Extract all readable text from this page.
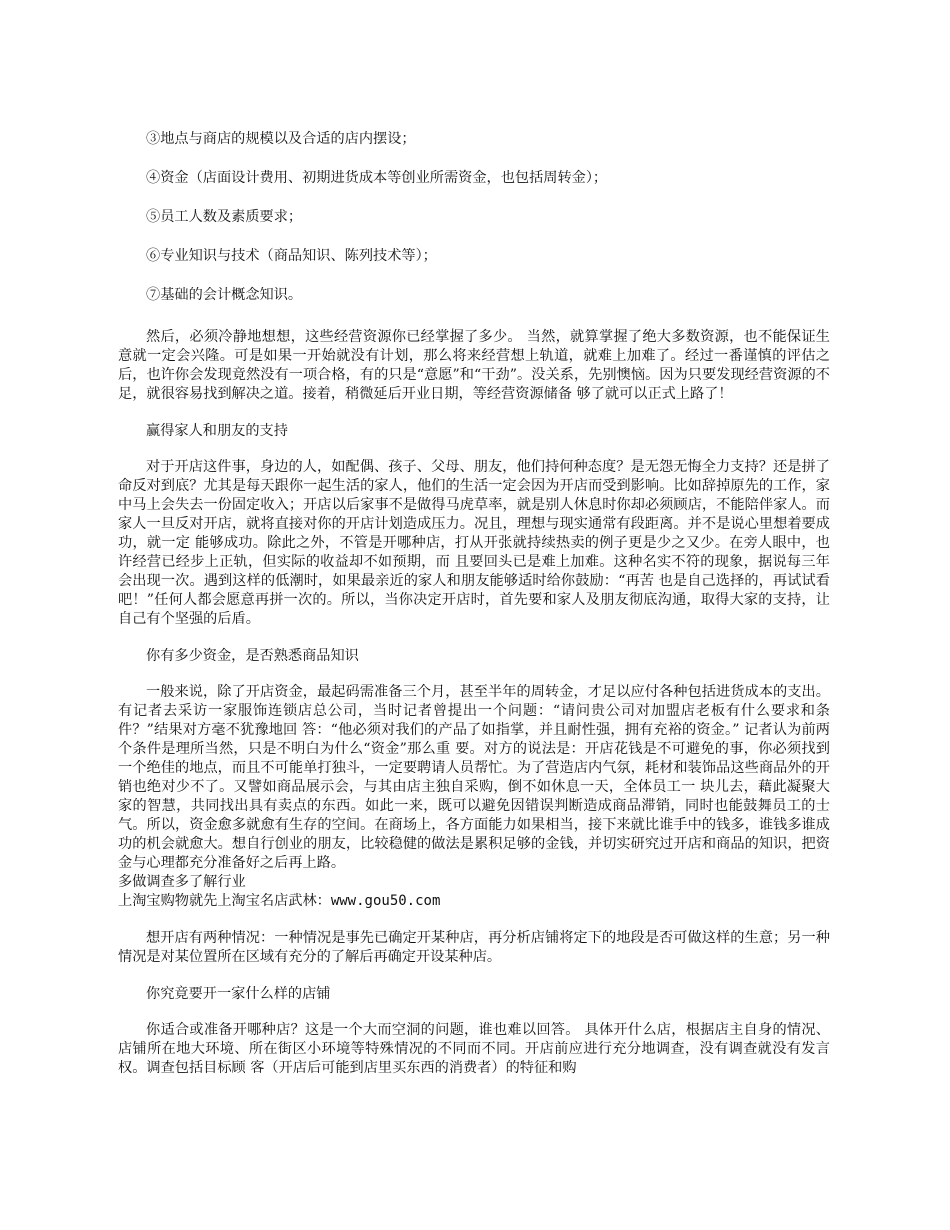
③地点与商店的规模以及合适的店内摆设；

④资金（店面设计费用、初期进货成本等创业所需资金，也包括周转金）；

⑤员工人数及素质要求；

⑥专业知识与技术（商品知识、陈列技术等）；

⑦基础的会计概念知识。

然后，必须冷静地想想，这些经营资源你已经掌握了多少。 当然，就算掌握了绝大多数资源，也不能保证生意就一定会兴隆。可是如果一开始就没有计划，那么将来经营想上轨道，就难上加难了。经过一番谨慎的评估之后，也许你会发现竟然没有一项合格，有的只是“意愿”和“干劲”。没关系，先别懊恼。因为只要发现经营资源的不足，就很容易找到解决之道。接着，稍微延后开业日期，等经营资源储备 够了就可以正式上路了！

赢得家人和朋友的支持

对于开店这件事，身边的人，如配偶、孩子、父母、朋友，他们持何种态度？是无怨无悔全力支持？还是拼了命反对到底？尤其是每天跟你一起生活的家人，他们的生活一定会因为开店而受到影响。比如辞掉原先的工作，家中马上会失去一份固定收入；开店以后家事不是做得马虎草率，就是别人休息时你却必须顾店，不能陪伴家人。而家人一旦反对开店，就将直接对你的开店计划造成压力。况且，理想与现实通常有段距离。并不是说心里想着要成功，就一定 能够成功。除此之外，不管是开哪种店，打从开张就持续热卖的例子更是少之又少。在旁人眼中，也许经营已经步上正轨，但实际的收益却不如预期，而 且要回头已是难上加难。这种名实不符的现象，据说每三年会出现一次。遇到这样的低潮时，如果最亲近的家人和朋友能够适时给你鼓励：“再苦 也是自己选择的，再试试看吧！”任何人都会愿意再拼一次的。所以，当你决定开店时，首先要和家人及朋友彻底沟通，取得大家的支持，让自己有个坚强的后盾。

你有多少资金，是否熟悉商品知识

一般来说，除了开店资金，最起码需准备三个月，甚至半年的周转金，才足以应付各种包括进货成本的支出。 有记者去采访一家服饰连锁店总公司，当时记者曾提出一个问题：“请问贵公司对加盟店老板有什么要求和条件？”结果对方毫不犹豫地回 答：“他必须对我们的产品了如指掌，并且耐性强，拥有充裕的资金。” 记者认为前两个条件是理所当然，只是不明白为什么“资金”那么重 要。对方的说法是：开店花钱是不可避免的事，你必须找到一个绝佳的地点，而且不可能单打独斗，一定要聘请人员帮忙。为了营造店内气氛，耗材和装饰品这些商品外的开销也绝对少不了。又譬如商品展示会，与其由店主独自采购，倒不如休息一天，全体员工一 块儿去，藉此凝聚大家的智慧，共同找出具有卖点的东西。如此一来，既可以避免因错误判断造成商品滞销，同时也能鼓舞员工的士气。所以，资金愈多就愈有生存的空间。在商场上，各方面能力如果相当，接下来就比谁手中的钱多，谁钱多谁成功的机会就愈大。想自行创业的朋友，比较稳健的做法是累积足够的金钱，并切实研究过开店和商品的知识，把资金与心理都充分准备好之后再上路。

多做调查多了解行业

上淘宝购物就先上淘宝名店武林：www.gou50.com

想开店有两种情况：一种情况是事先已确定开某种店，再分析店铺将定下的地段是否可做这样的生意；另一种情况是对某位置所在区域有充分的了解后再确定开设某种店。

你究竟要开一家什么样的店铺

你适合或准备开哪种店？这是一个大而空洞的问题，谁也难以回答。 具体开什么店，根据店主自身的情况、店铺所在地大环境、所在街区小环境等特殊情况的不同而不同。开店前应进行充分地调查，没有调查就没有发言权。调查包括目标顾 客（开店后可能到店里买东西的消费者）的特征和购
